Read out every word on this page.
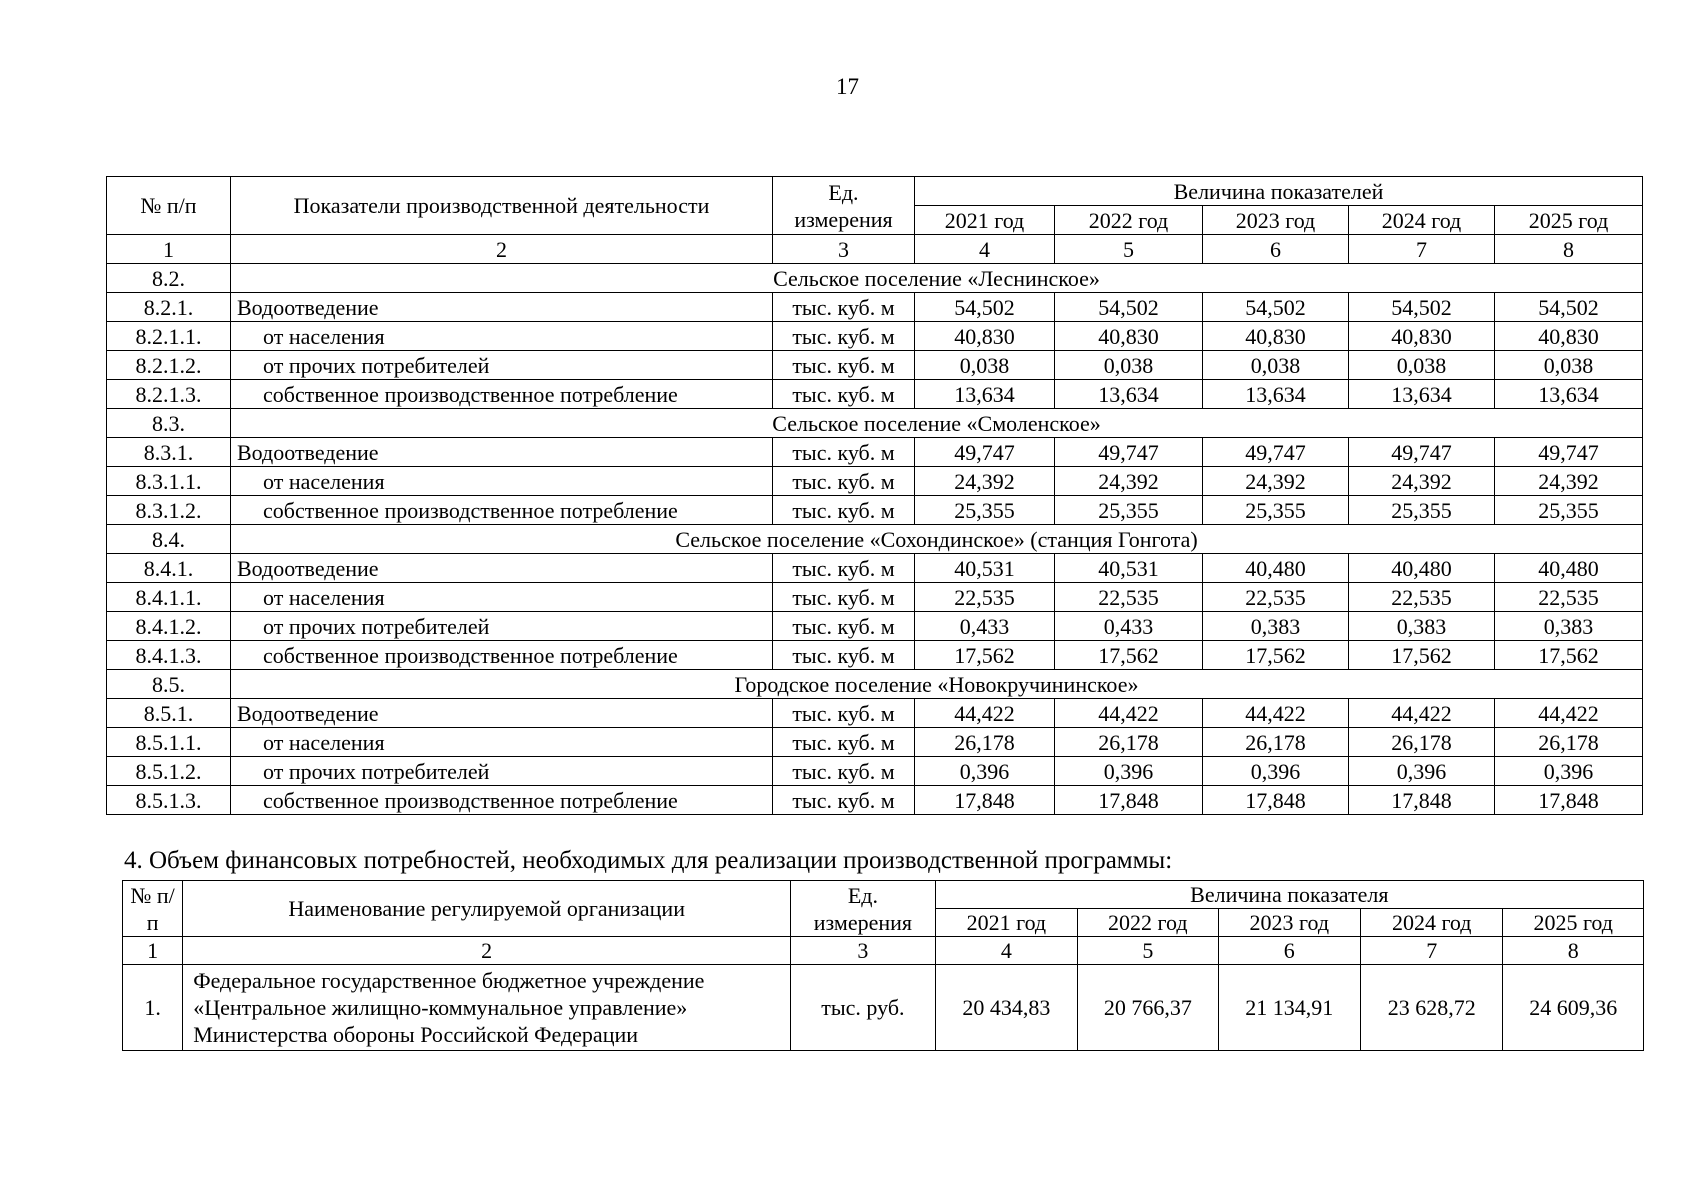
17
№ п/п	Показатели производственной деятельности	Ед. измерения	Величина показателей				
			2021 год	2022 год	2023 год	2024 год	2025 год
1	2	3	4	5	6	7	8
8.2.	Сельское поселение «Леснинское»						
8.2.1.	Водоотведение	тыс. куб. м	54,502	54,502	54,502	54,502	54,502
8.2.1.1.	от населения	тыс. куб. м	40,830	40,830	40,830	40,830	40,830
8.2.1.2.	от прочих потребителей	тыс. куб. м	0,038	0,038	0,038	0,038	0,038
8.2.1.3.	собственное производственное потребление	тыс. куб. м	13,634	13,634	13,634	13,634	13,634
8.3.	Сельское поселение «Смоленское»						
8.3.1.	Водоотведение	тыс. куб. м	49,747	49,747	49,747	49,747	49,747
8.3.1.1.	от населения	тыс. куб. м	24,392	24,392	24,392	24,392	24,392
8.3.1.2.	собственное производственное потребление	тыс. куб. м	25,355	25,355	25,355	25,355	25,355
8.4.	Сельское поселение «Сохондинское» (станция Гонгота)						
8.4.1.	Водоотведение	тыс. куб. м	40,531	40,531	40,480	40,480	40,480
8.4.1.1.	от населения	тыс. куб. м	22,535	22,535	22,535	22,535	22,535
8.4.1.2.	от прочих потребителей	тыс. куб. м	0,433	0,433	0,383	0,383	0,383
8.4.1.3.	собственное производственное потребление	тыс. куб. м	17,562	17,562	17,562	17,562	17,562
8.5.	Городское поселение «Новокручининское»						
8.5.1.	Водоотведение	тыс. куб. м	44,422	44,422	44,422	44,422	44,422
8.5.1.1.	от населения	тыс. куб. м	26,178	26,178	26,178	26,178	26,178
8.5.1.2.	от прочих потребителей	тыс. куб. м	0,396	0,396	0,396	0,396	0,396
8.5.1.3.	собственное производственное потребление	тыс. куб. м	17,848	17,848	17,848	17,848	17,848
4. Объем финансовых потребностей, необходимых для реализации производственной программы:
№ п/п	Наименование регулируемой организации	Ед. измерения	Величина показателя				
			2021 год	2022 год	2023 год	2024 год	2025 год
1	2	3	4	5	6	7	8
1.	Федеральное государственное бюджетное учреждение
«Центральное жилищно-коммунальное управление»
Министерства обороны Российской Федерации	тыс. руб.	20 434,83	20 766,37	21 134,91	23 628,72	24 609,36
